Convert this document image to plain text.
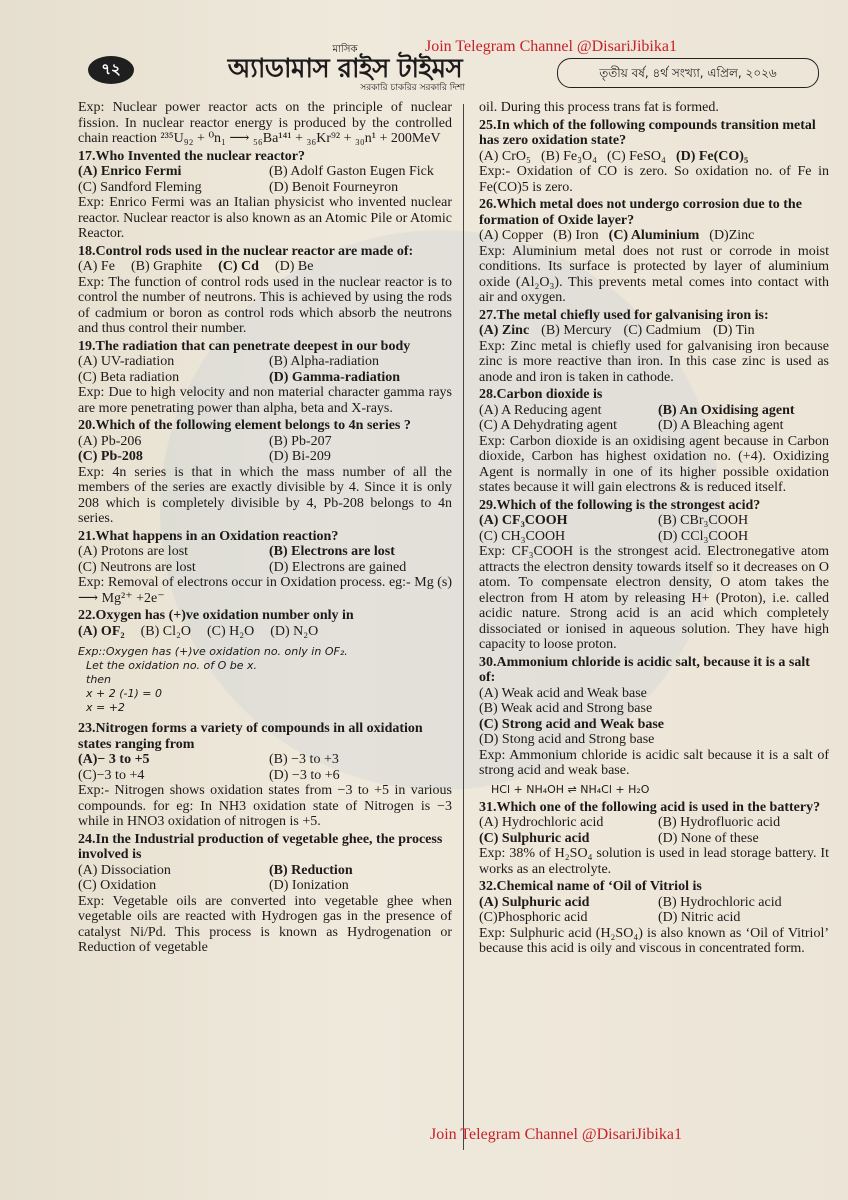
৭২
মাসিক
অ্যাডামাস রাইস টাইমস
সরকারি চাকরির সরকারি দিশা
তৃতীয় বর্ষ, ৪র্থ সংখ্যা, এপ্রিল, ২০২৬
Join Telegram Channel @DisariJibika1
Exp: Nuclear power reactor acts on the principle of nuclear fission. In nuclear reactor energy is produced by the controlled chain reaction ²³⁵U₉₂ + ⁰n₁ ⟶ ₅₆Ba¹⁴¹ + ₃₆Kr⁹² + ₃₀n¹ + 200MeV
17.Who Invented the nuclear reactor?
(A) Enrico Fermi	(B) Adolf Gaston Eugen Fick
(C) Sandford Fleming	(D) Benoit Fourneyron
Exp: Enrico Fermi was an Italian physicist who invented nuclear reactor. Nuclear reactor is also known as an Atomic Pile or Atomic Reactor.
18.Control rods used in the nuclear reactor are made of:
(A) Fe (B) Graphite (C) Cd (D) Be
Exp: The function of control rods used in the nuclear reactor is to control the number of neutrons. This is achieved by using the rods of cadmium or boron as control rods which absorb the neutrons and thus control their number.
19.The radiation that can penetrate deepest in our body
(A) UV-radiation	(B) Alpha-radiation
(C) Beta radiation	(D) Gamma-radiation
Exp: Due to high velocity and non material character gamma rays are more penetrating power than alpha, beta and X-rays.
20.Which of the following element belongs to 4n series ?
(A) Pb-206	(B) Pb-207
(C) Pb-208	(D) Bi-209
Exp: 4n series is that in which the mass number of all the members of the series are exactly divisible by 4. Since it is only 208 which is completely divisible by 4, Pb-208 belongs to 4n series.
21.What happens in an Oxidation reaction?
(A) Protons are lost	(B) Electrons are lost
(C) Neutrons are lost	(D) Electrons are gained
Exp: Removal of electrons occur in Oxidation process. eg:- Mg (s) ⟶ Mg²⁺ +2e⁻
22.Oxygen has (+)ve oxidation number only in
(A) OF₂ (B) Cl₂O (C) H₂O (D) N₂O
Exp::Oxygen has (+)ve oxidation no. only in OF₂.
Let the oxidation no. of O be x.
then
x + 2 (-1) = 0
x = +2
23.Nitrogen forms a variety of compounds in all oxidation states ranging from
(A)− 3 to +5	(B) −3 to +3
(C)−3 to +4	(D) −3 to +6
Exp:- Nitrogen shows oxidation states from −3 to +5 in various compounds. for eg: In NH3 oxidation state of Nitrogen is −3 while in HNO3 oxidation of nitrogen is +5.
24.In the Industrial production of vegetable ghee, the process involved is
(A) Dissociation	(B) Reduction
(C) Oxidation	(D) Ionization
Exp: Vegetable oils are converted into vegetable ghee when vegetable oils are reacted with Hydrogen gas in the presence of catalyst Ni/Pd. This process is known as Hydrogenation or Reduction of vegetable
oil. During this process trans fat is formed.
25.In which of the following compounds transition metal has zero oxidation state?
(A) CrO₅ (B) Fe₃O₄ (C) FeSO₄ (D) Fe(CO)₅
Exp:- Oxidation of CO is zero. So oxidation no. of Fe in Fe(CO)5 is zero.
26.Which metal does not undergo corrosion due to the formation of Oxide layer?
(A) Copper (B) Iron (C) Aluminium (D)Zinc
Exp: Aluminium metal does not rust or corrode in moist conditions. Its surface is protected by layer of aluminium oxide (Al₂O₃). This prevents metal comes into contact with air and oxygen.
27.The metal chiefly used for galvanising iron is:
(A) Zinc (B) Mercury (C) Cadmium (D) Tin
Exp: Zinc metal is chiefly used for galvanising iron because zinc is more reactive than iron. In this case zinc is used as anode and iron is taken in cathode.
28.Carbon dioxide is
(A) A Reducing agent	(B) An Oxidising agent
(C) A Dehydrating agent	(D) A Bleaching agent
Exp: Carbon dioxide is an oxidising agent because in Carbon dioxide, Carbon has highest oxidation no. (+4). Oxidizing Agent is normally in one of its higher possible oxidation states because it will gain electrons & is reduced itself.
29.Which of the following is the strongest acid?
(A) CF₃COOH	(B) CBr₃COOH
(C) CH₃COOH	(D) CCl₃COOH
Exp: CF₃COOH is the strongest acid. Electronegative atom attracts the electron density towards itself so it decreases on O atom. To compensate electron density, O atom takes the electron from H atom by releasing H+ (Proton), i.e. called acidic nature. Strong acid is an acid which completely dissociated or ionised in aqueous solution. They have high capacity to loose proton.
30.Ammonium chloride is acidic salt, because it is a salt of:
(A) Weak acid and Weak base
(B) Weak acid and Strong base
(C) Strong acid and Weak base
(D) Stong acid and Strong base
Exp: Ammonium chloride is acidic salt because it is a salt of strong acid and weak base.
HCl + NH₄OH ⇌ NH₄Cl + H₂O
31.Which one of the following acid is used in the battery?
(A) Hydrochloric acid	(B) Hydrofluoric acid
(C) Sulphuric acid	(D) None of these
Exp: 38% of H₂SO₄ solution is used in lead storage battery. It works as an electrolyte.
32.Chemical name of ‘Oil of Vitriol is
(A) Sulphuric acid	(B) Hydrochloric acid
(C)Phosphoric acid	(D) Nitric acid
Exp: Sulphuric acid (H₂SO₄) is also known as ‘Oil of Vitriol’ because this acid is oily and viscous in concentrated form.
Join Telegram Channel @DisariJibika1
